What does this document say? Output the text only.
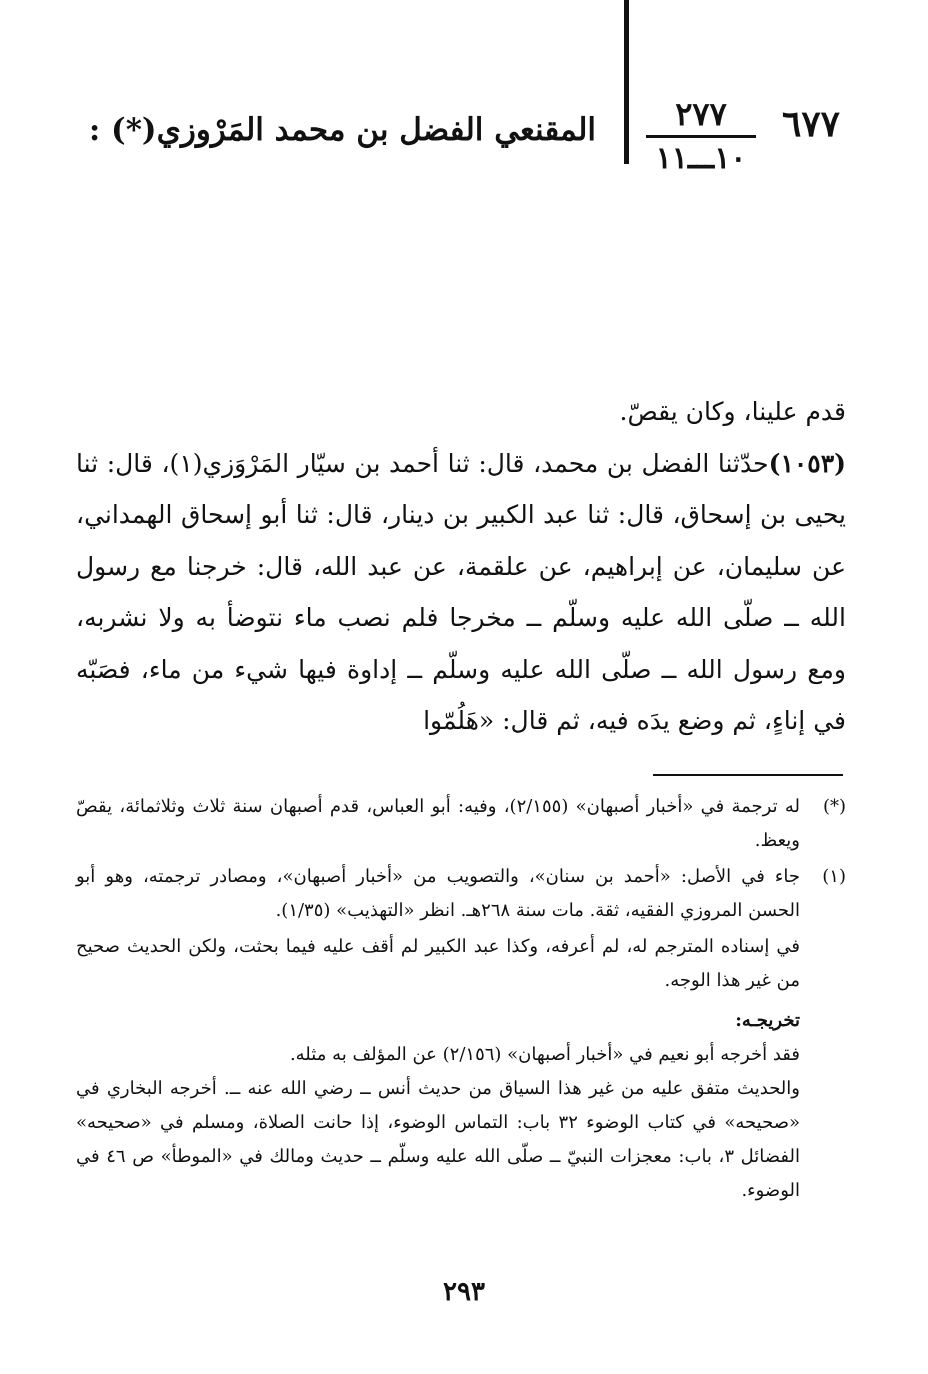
٦٧٧
٢٧٧
١٠ـــ١١
المقنعي الفضل بن محمد المَرْوزي(*) :

قدم علينا، وكان يقصّ.

(١٠٥٣)حدّثنا الفضل بن محمد، قال: ثنا أحمد بن سيّار المَرْوَزي(١)، قال: ثنا يحيى بن إسحاق، قال: ثنا عبد الكبير بن دينار، قال: ثنا أبو إسحاق الهمداني، عن سليمان، عن إبراهيم، عن علقمة، عن عبد الله، قال: خرجنا مع رسول الله ــ صلّى الله عليه وسلّم ــ مخرجا فلم نصب ماء نتوضأ به ولا نشربه، ومع رسول الله ــ صلّى الله عليه وسلّم ــ إداوة فيها شيء من ماء، فصَبّه في إناءٍ، ثم وضع يدَه فيه، ثم قال: «هَلُمّوا

(*)
له ترجمة في «أخبار أصبهان» (٢/١٥٥)، وفيه: أبو العباس، قدم أصبهان سنة ثلاث وثلاثمائة، يقصّ ويعظ.
(١)
جاء في الأصل: «أحمد بن سنان»، والتصويب من «أخبار أصبهان»، ومصادر ترجمته، وهو أبو الحسن المروزي الفقيه، ثقة. مات سنة ٢٦٨هـ. انظر «التهذيب» (١/٣٥).
في إسناده المترجم له، لم أعرفه، وكذا عبد الكبير لم أقف عليه فيما بحثت، ولكن الحديث صحيح من غير هذا الوجه.

تخريجـه:

فقد أخرجه أبو نعيم في «أخبار أصبهان» (٢/١٥٦) عن المؤلف به مثله.

والحديث متفق عليه من غير هذا السياق من حديث أنس ــ رضي الله عنه ــ. أخرجه البخاري في «صحيحه» في كتاب الوضوء ٣٢ باب: التماس الوضوء، إذا حانت الصلاة، ومسلم في «صحيحه» الفضائل ٣، باب: معجزات النبيّ ــ صلّى الله عليه وسلّم ــ حديث ومالك في «الموطأ» ص ٤٦ في الوضوء.

٢٩٣
